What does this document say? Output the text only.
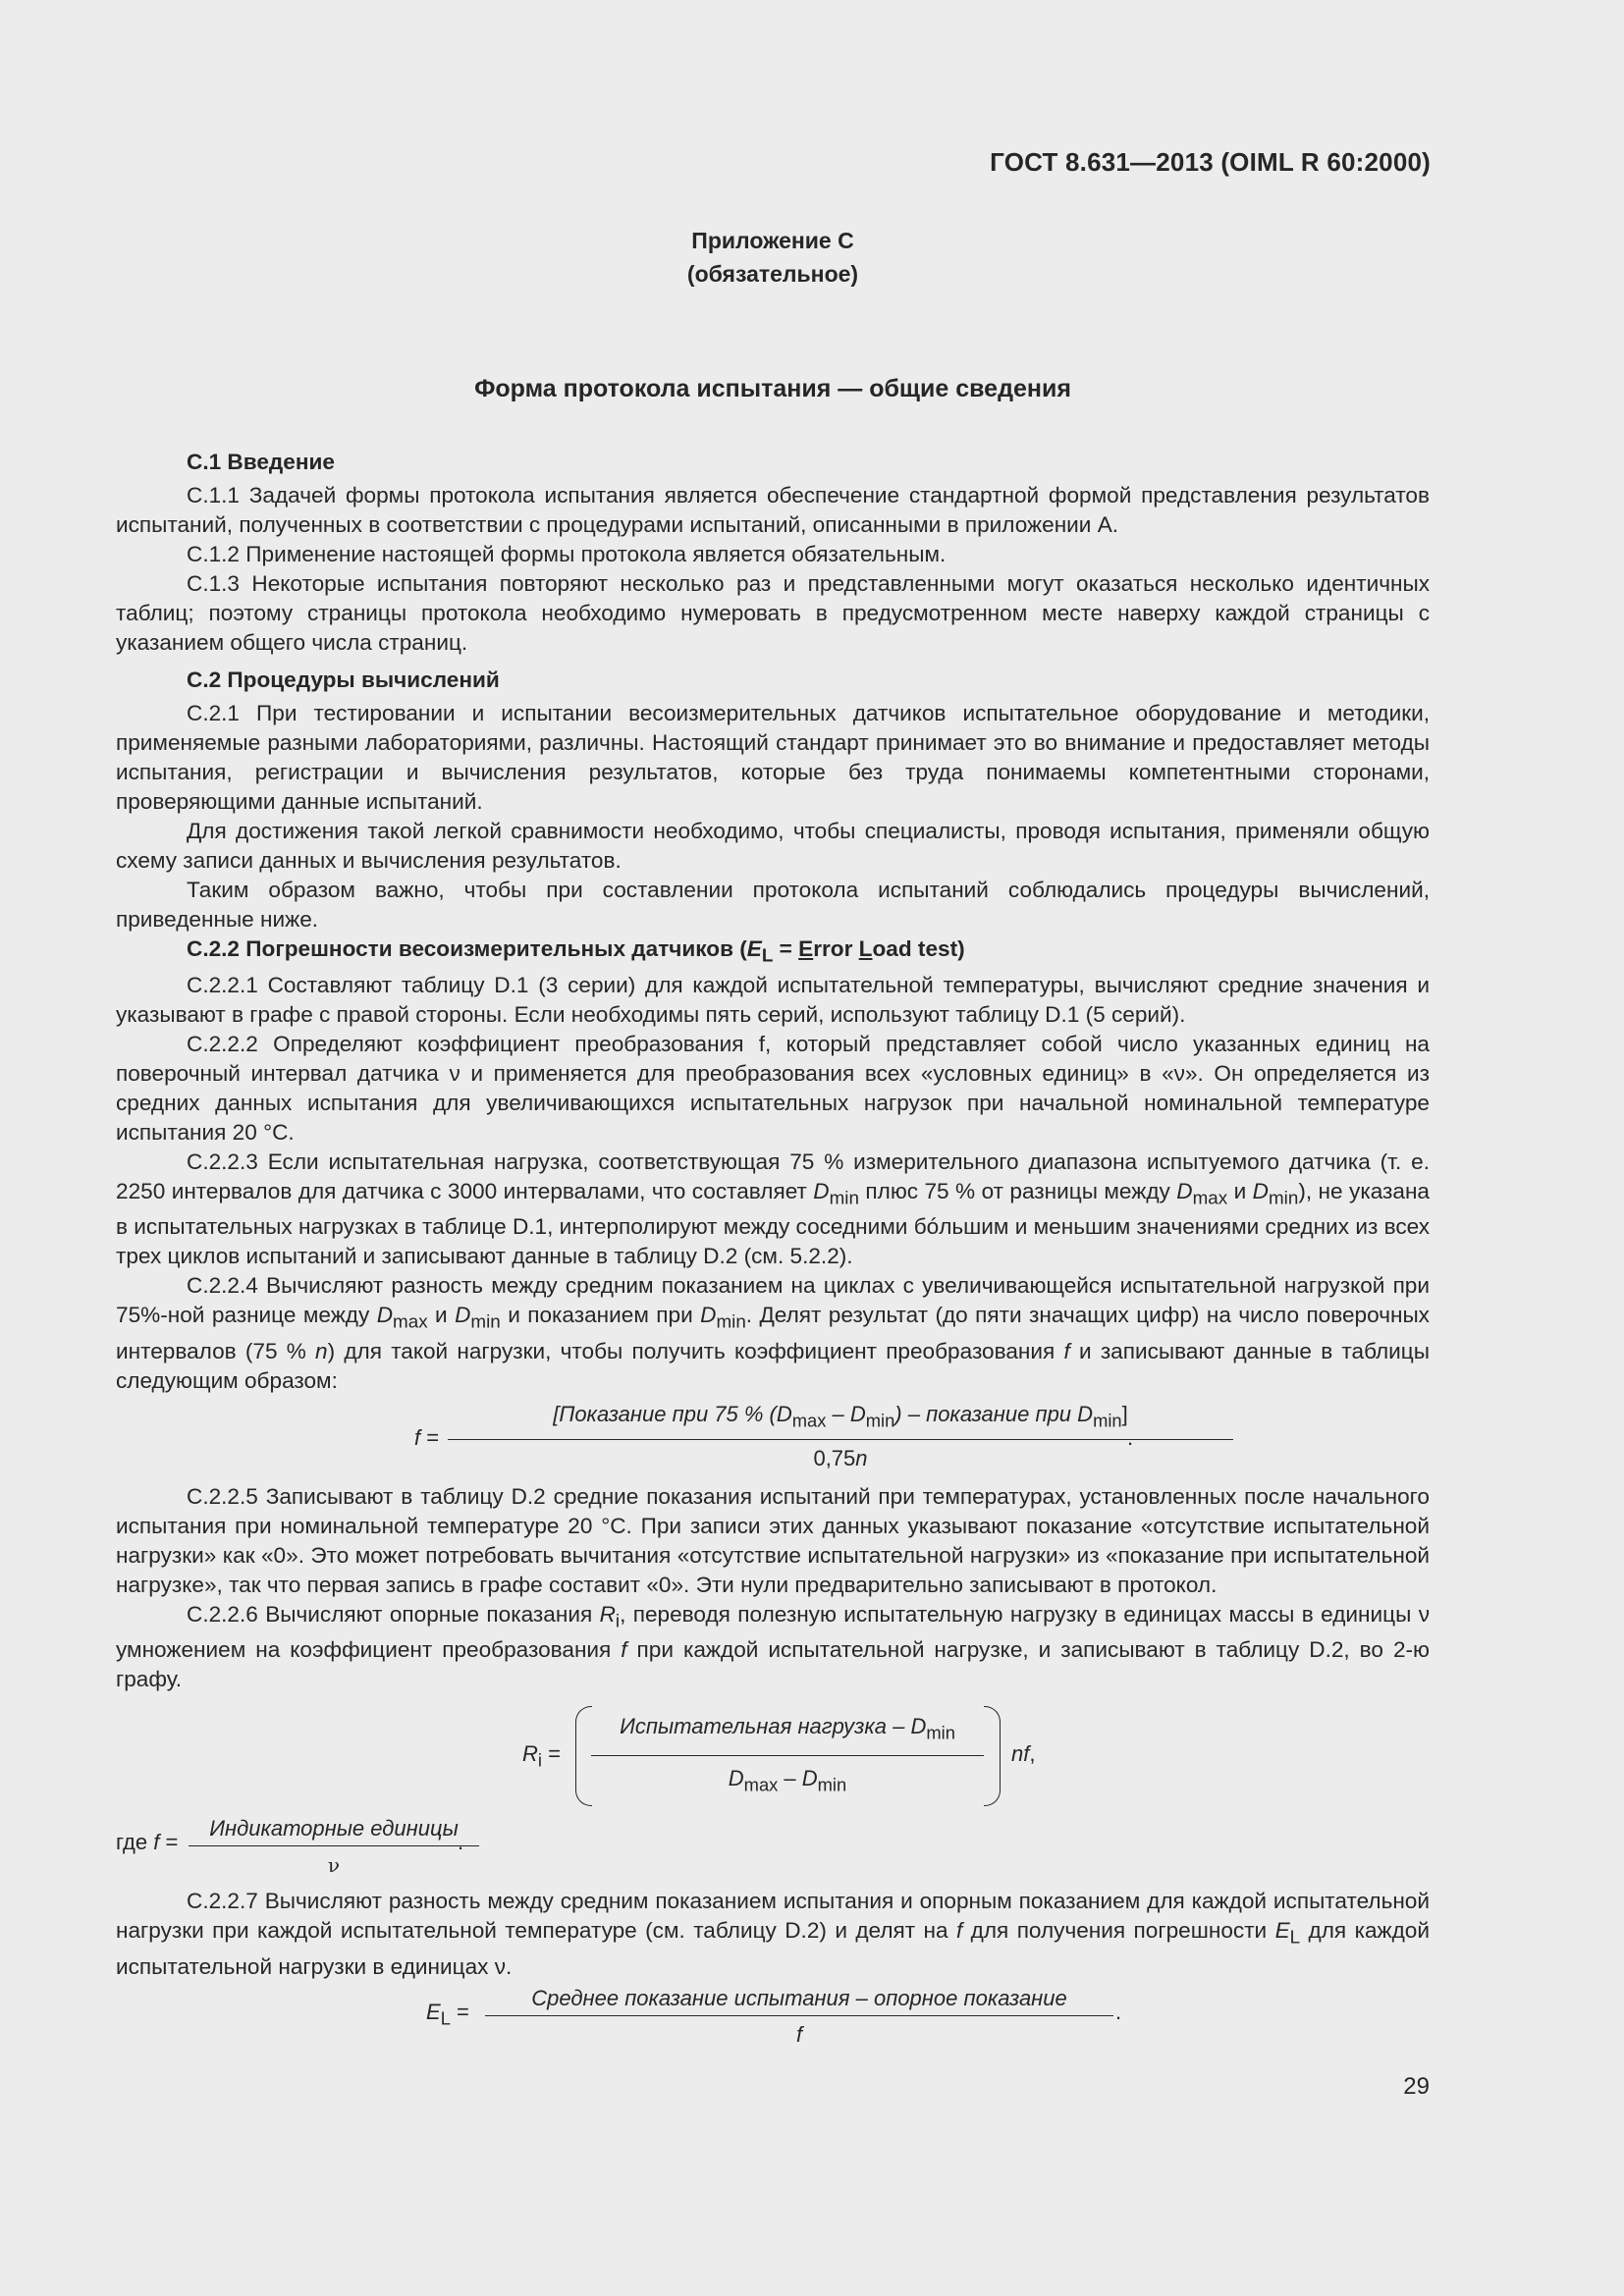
ГОСТ 8.631—2013 (OIML R 60:2000)
Приложение С
(обязательное)
Форма протокола испытания — общие сведения

С.1 Введение

С.1.1 Задачей формы протокола испытания является обеспечение стандартной формой представления результатов испытаний, полученных в соответствии с процедурами испытаний, описанными в приложении А.

С.1.2 Применение настоящей формы протокола является обязательным.

С.1.3 Некоторые испытания повторяют несколько раз и представленными могут оказаться несколько идентичных таблиц; поэтому страницы протокола необходимо нумеровать в предусмотренном месте наверху каждой страницы с указанием общего числа страниц.

С.2 Процедуры вычислений

С.2.1 При тестировании и испытании весоизмерительных датчиков испытательное оборудование и методики, применяемые разными лабораториями, различны. Настоящий стандарт принимает это во внимание и предоставляет методы испытания, регистрации и вычисления результатов, которые без труда понимаемы компетентными сторонами, проверяющими данные испытаний.

Для достижения такой легкой сравнимости необходимо, чтобы специалисты, проводя испытания, применяли общую схему записи данных и вычисления результатов.

Таким образом важно, чтобы при составлении протокола испытаний соблюдались процедуры вычислений, приведенные ниже.

С.2.2 Погрешности весоизмерительных датчиков ($E_L$ = Error Load test)

С.2.2.1 Составляют таблицу D.1 (3 серии) для каждой испытательной температуры, вычисляют средние значения и указывают в графе с правой стороны. Если необходимы пять серий, используют таблицу D.1 (5 серий).

С.2.2.2 Определяют коэффициент преобразования f, который представляет собой число указанных единиц на поверочный интервал датчика ν и применяется для преобразования всех «условных единиц» в «ν». Он определяется из средних данных испытания для увеличивающихся испытательных нагрузок при начальной номинальной температуре испытания 20 °С.

С.2.2.3 Если испытательная нагрузка, соответствующая 75 % измерительного диапазона испытуемого датчика (т. е. 2250 интервалов для датчика с 3000 интервалами, что составляет $D_{min}$ плюс 75 % от разницы между $D_{max}$ и $D_{min}$), не указана в испытательных нагрузках в таблице D.1, интерполируют между соседними бóльшим и меньшим значениями средних из всех трех циклов испытаний и записывают данные в таблицу D.2 (см. 5.2.2).

С.2.2.4 Вычисляют разность между средним показанием на циклах с увеличивающейся испытательной нагрузкой при 75%-ной разнице между $D_{max}$ и $D_{min}$ и показанием при $D_{min}$. Делят результат (до пяти значащих цифр) на число поверочных интервалов (75 % n) для такой нагрузки, чтобы получить коэффициент преобразования f и записывают данные в таблицы следующим образом:

f =
[Показание при 75 % $(D_{max} - D_{min})$ – показание при $D_{min}$]
0,75n
.

С.2.2.5 Записывают в таблицу D.2 средние показания испытаний при температурах, установленных после начального испытания при номинальной температуре 20 °С. При записи этих данных указывают показание «отсутствие испытательной нагрузки» как «0». Это может потребовать вычитания «отсутствие испытательной нагрузки» из «показание при испытательной нагрузке», так что первая запись в графе составит «0». Эти нули предварительно записывают в протокол.

С.2.2.6 Вычисляют опорные показания $R_i$, переводя полезную испытательную нагрузку в единицах массы в единицы ν умножением на коэффициент преобразования f при каждой испытательной нагрузке, и записывают в таблицу D.2, во 2-ю графу.

$R_i$ =
Испытательная нагрузка – $D_{min}$
$D_{max} - D_{min}$
nf,
где f =
Индикаторные единицы
ν
.

С.2.2.7 Вычисляют разность между средним показанием испытания и опорным показанием для каждой испытательной нагрузки при каждой испытательной температуре (см. таблицу D.2) и делят на f для получения погрешности $E_L$ для каждой испытательной нагрузки в единицах ν.

$E_L$ =
Среднее показание испытания – опорное показание
f
.
29
